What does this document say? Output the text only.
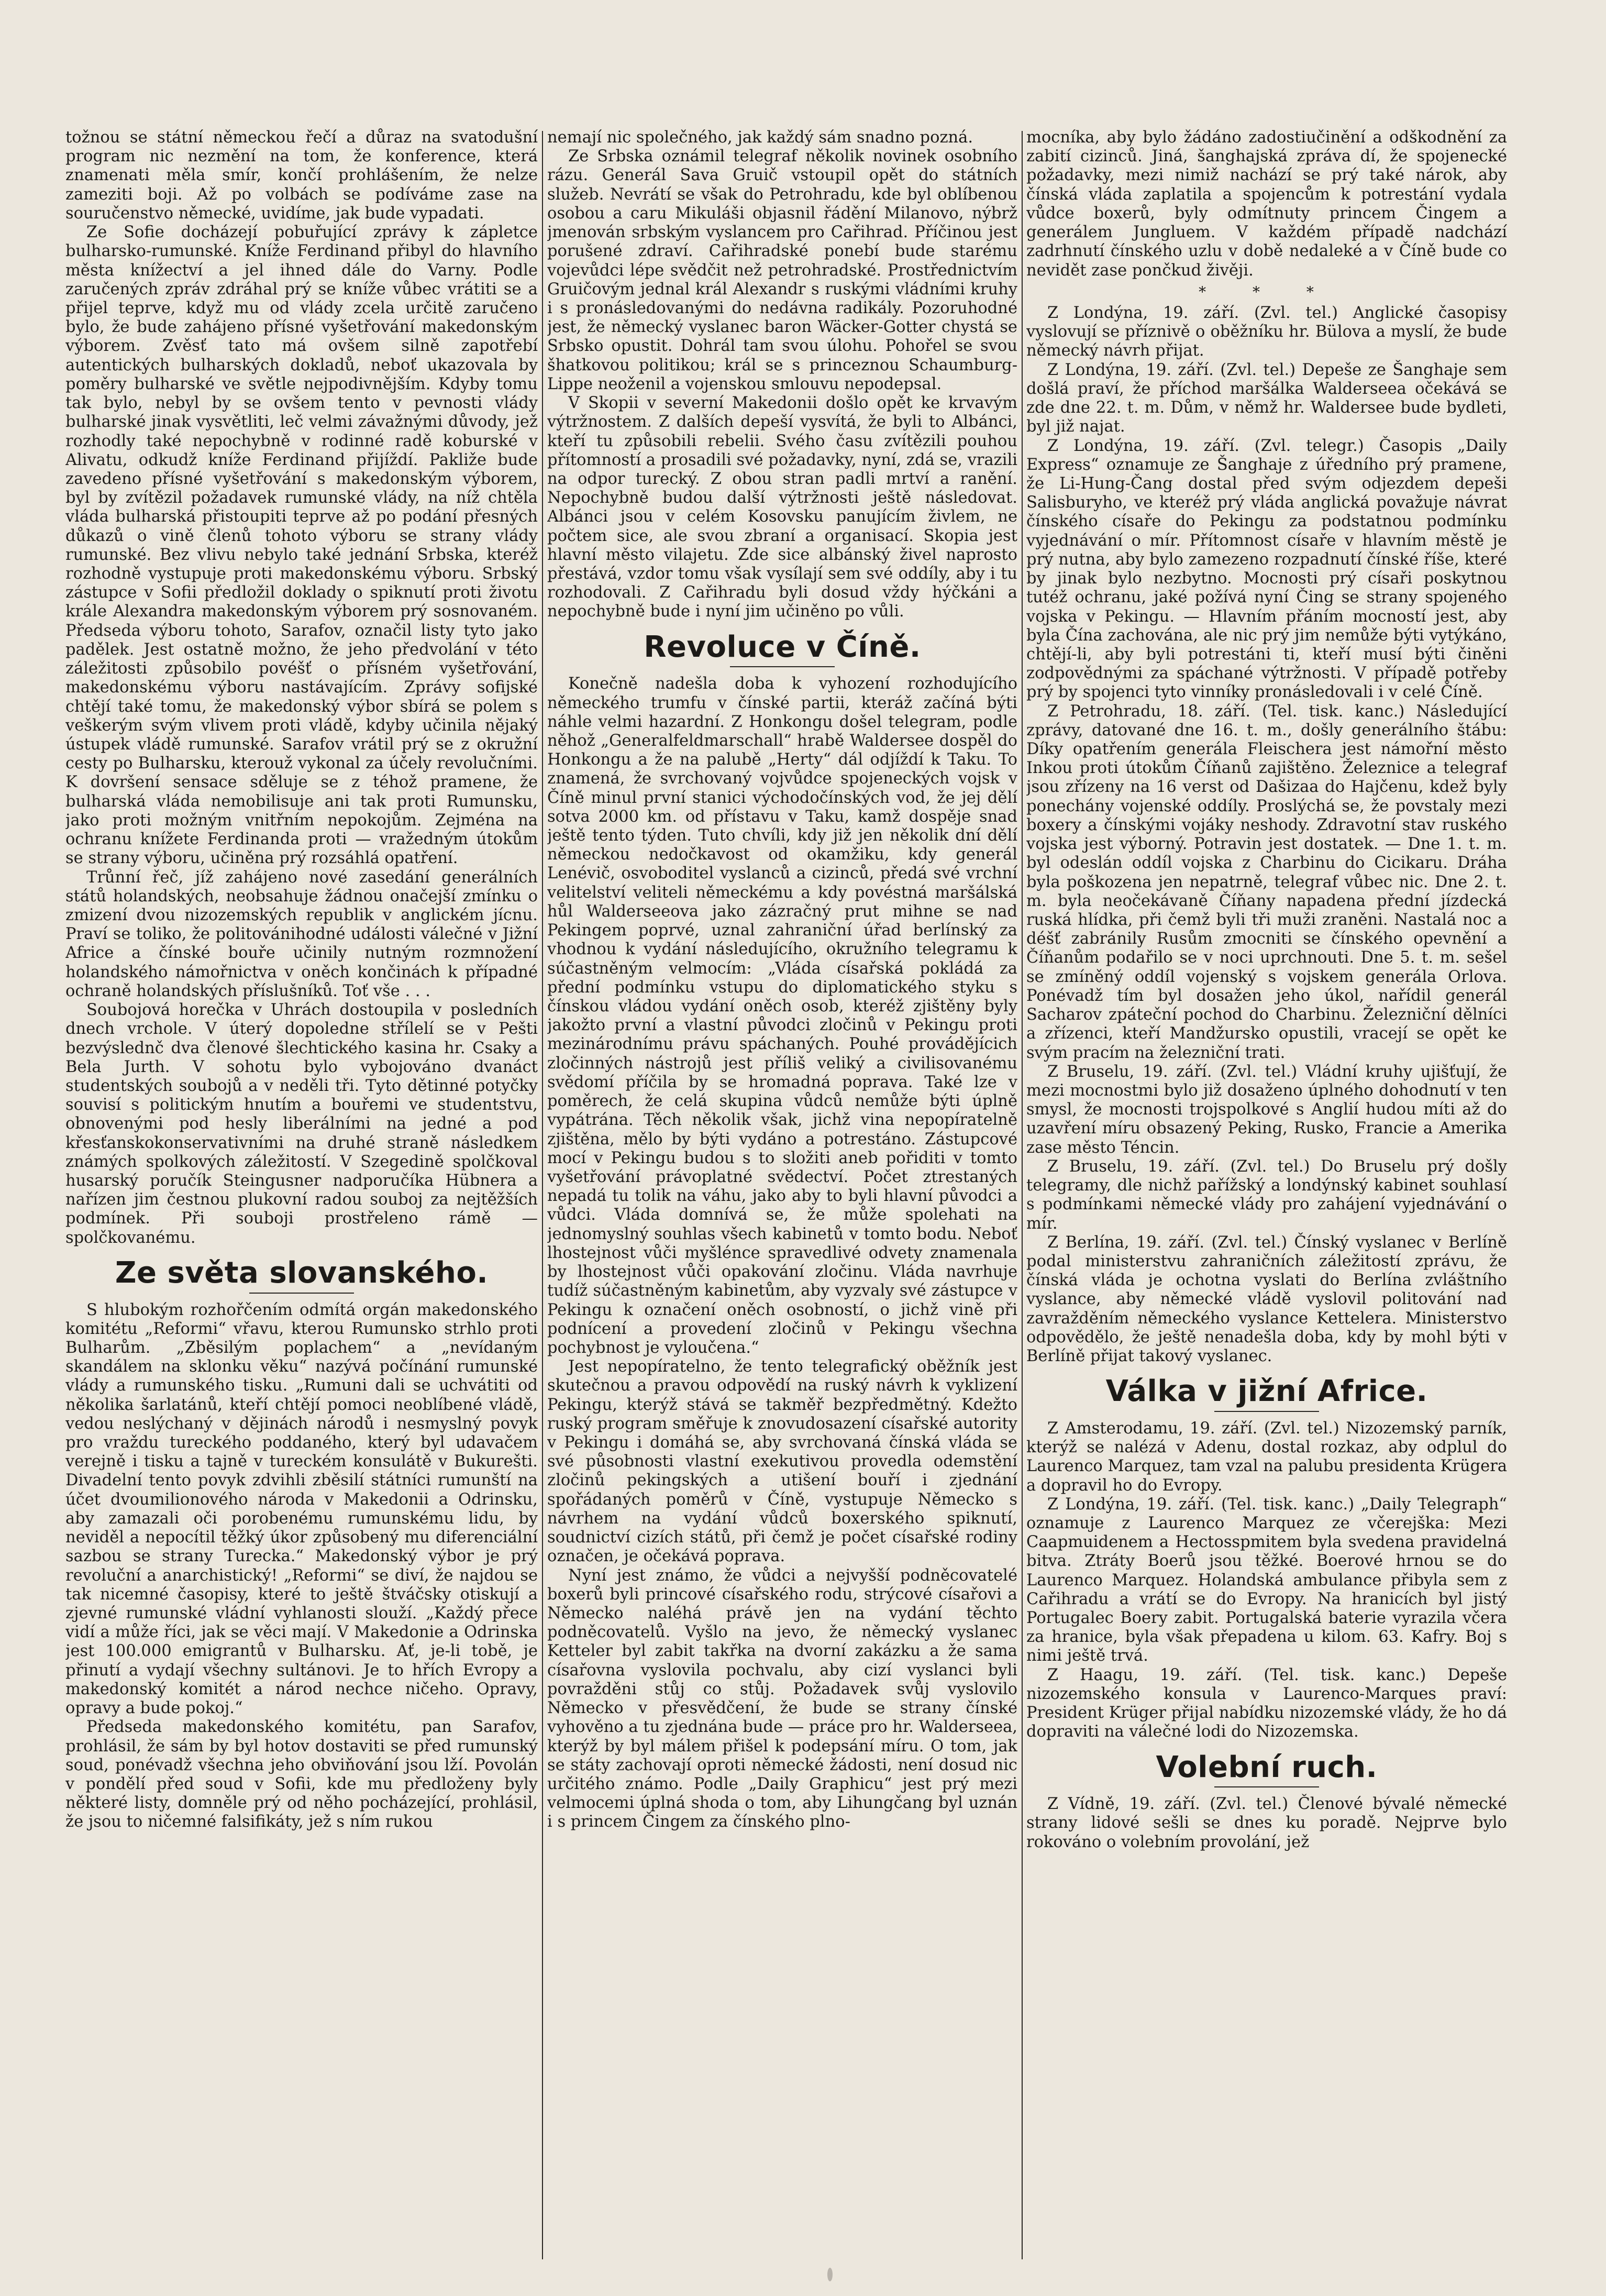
tožnou se státní německou řečí a důraz na svatodušní program nic nezmění na tom, že konference, která znamenati měla smír, končí prohlášením, že nelze zameziti boji. Až po volbách se podíváme zase na souručenstvo německé, uvidíme, jak bude vypadati.

Ze Sofie docházejí pobuřující zprávy k zápletce bulharsko-rumunské. Kníže Ferdinand přibyl do hlavního města knížectví a jel ihned dále do Varny. Podle zaručených zpráv zdráhal prý se kníže vůbec vrátiti se a přijel teprve, když mu od vlády zcela určitě zaručeno bylo, že bude zahájeno přísné vyšetřování makedonským výborem. Zvěsť tato má ovšem silně zapotřebí autentických bulharských dokladů, neboť ukazovala by poměry bulharské ve světle nejpodivnějším. Kdyby tomu tak bylo, nebyl by se ovšem tento v pevnosti vlády bulharské jinak vysvětliti, leč velmi závažnými důvody, jež rozhodly také nepochybně v rodinné radě koburské v Alivatu, odkudž kníže Ferdinand přijíždí. Pakliže bude zavedeno přísné vyšetřování s makedonským výborem, byl by zvítězil požadavek rumunské vlády, na níž chtěla vláda bulharská přistoupiti teprve až po podání přesných důkazů o vině členů tohoto výboru se strany vlády rumunské. Bez vlivu nebylo také jednání Srbska, kteréž rozhodně vystupuje proti makedonskému výboru. Srbský zástupce v Sofii předložil doklady o spiknutí proti životu krále Alexandra makedonským výborem prý sosnovaném. Předseda výboru tohoto, Sarafov, označil listy tyto jako padělek. Jest ostatně možno, že jeho předvolání v této záležitosti způsobilo povéšť o přísném vyšetřování, makedonskému výboru nastávajícím. Zprávy sofijské chtějí také tomu, že makedonský výbor sbírá se polem s veškerým svým vlivem proti vládě, kdyby učinila nějaký ústupek vládě rumunské. Sarafov vrátil prý se z okružní cesty po Bulharsku, kterouž vykonal za účely revolučními. K dovršení sensace sděluje se z téhož pramene, že bulharská vláda nemobilisuje ani tak proti Rumunsku, jako proti možným vnitřním nepokojům. Zejména na ochranu knížete Ferdinanda proti — vražedným útokům se strany výboru, učiněna prý rozsáhlá opatření.

Trůnní řeč, jíž zahájeno nové zasedání generálních států holandských, neobsahuje žádnou onačejší zmínku o zmizení dvou nizozemských republik v anglickém jícnu. Praví se toliko, že politovánihodné události válečné v Jižní Africe a čínské bouře učinily nutným rozmnožení holandského námořnictva v oněch končinách k případné ochraně holandských příslušníků. Toť vše . . .

Soubojová horečka v Uhrách dostoupila v posledních dnech vrchole. V úterý dopoledne střílelí se v Pešti bezvýslednč dva členové šlechtického kasina hr. Csaky a Bela Jurth. V sohotu bylo vybojováno dvanáct studentských soubojů a v neděli tři. Tyto dětinné potyčky souvisí s politickým hnutím a bouřemi ve studentstvu, obnovenými pod hesly liberálními na jedné a pod křesťanskokonservativními na druhé straně následkem známých spolkových záležitostí. V Szegedině spolčkoval husarský poručík Steingusner nadporučíka Hübnera a nařízen jim čestnou plukovní radou souboj za nejtěžších podmínek. Při souboji prostřeleno rámě — spolčkovanému.

Ze světa slovanského.

S hlubokým rozhořčením odmítá orgán makedonského komitétu „Reformi“ vřavu, kterou Rumunsko strhlo proti Bulharům. „Zběsilým poplachem“ a „nevídaným skandálem na sklonku věku“ nazývá počínání rumunské vlády a rumunského tisku. „Rumuni dali se uchvátiti od několika šarlatánů, kteří chtějí pomoci neoblíbené vládě, vedou neslýchaný v dějinách národů i nesmyslný povyk pro vraždu tureckého poddaného, který byl udavačem verejně i tisku a tajně v tureckém konsulátě v Bukurešti. Divadelní tento povyk zdvihli zběsilí státníci rumunští na účet dvoumilionového národa v Makedonii a Odrinsku, aby zamazali oči porobenému rumunskému lidu, by neviděl a nepocítil těžký úkor způsobený mu diferenciální sazbou se strany Turecka.“ Makedonský výbor je prý revoluční a anarchistický! „Reformi“ se diví, že najdou se tak nicemné časopisy, které to ještě štváčsky otiskují a zjevné rumunské vládní vyhlanosti slouží. „Každý přece vidí a může říci, jak se věci mají. V Makedonie a Odrinska jest 100.000 emigrantů v Bulharsku. Ať, je-li tobě, je přinutí a vydají všechny sultánovi. Je to hřích Evropy a makedonský komitét a národ nechce ničeho. Opravy, opravy a bude pokoj.“

Předseda makedonského komitétu, pan Sarafov, prohlásil, že sám by byl hotov dostaviti se před rumunský soud, ponévadž všechna jeho obviňování jsou lží. Povolán v pondělí před soud v Sofii, kde mu předloženy byly některé listy, domněle prý od něho pocházející, prohlásil, že jsou to ničemné falsifikáty, jež s ním rukou

nemají nic společného, jak každý sám snadno pozná.

Ze Srbska oznámil telegraf několik novinek osobního rázu. Generál Sava Gruič vstoupil opět do státních služeb. Nevrátí se však do Petrohradu, kde byl oblíbenou osobou a caru Mikuláši objasnil řádění Milanovo, nýbrž jmenován srbským vyslancem pro Cařihrad. Příčinou jest porušené zdraví. Cařihradské ponebí bude starému vojevůdci lépe svědčit než petrohradské. Prostřednictvím Gruičovým jednal král Alexandr s ruskými vládními kruhy i s pronásledovanými do nedávna radikály. Pozoruhodné jest, že německý vyslanec baron Wäcker-Gotter chystá se Srbsko opustit. Dohrál tam svou úlohu. Pohořel se svou šhatkovou politikou; král se s princeznou Schaumburg-Lippe neoženil a vojenskou smlouvu nepodepsal.

V Skopii v severní Makedonii došlo opět ke krvavým výtržnostem. Z dalších depeší vysvítá, že byli to Albánci, kteří tu způsobili rebelii. Svého času zvítězili pouhou přítomností a prosadili své požadavky, nyní, zdá se, vrazili na odpor turecký. Z obou stran padli mrtví a ranění. Nepochybně budou další výtržnosti ještě následovat. Albánci jsou v celém Kosovsku panujícím živlem, ne počtem sice, ale svou zbraní a organisací. Skopia jest hlavní město vilajetu. Zde sice albánský živel naprosto přestává, vzdor tomu však vysílají sem své oddíly, aby i tu rozhodovali. Z Cařihradu byli dosud vždy hýčkáni a nepochybně bude i nyní jim učiněno po vůli.

Revoluce v Číně.

Konečně nadešla doba k vyhození rozhodujícího německého trumfu v čínské partii, kteráž začíná býti náhle velmi hazardní. Z Honkongu došel telegram, podle něhož „Generalfeldmarschall“ hrabě Waldersee dospěl do Honkongu a že na palubě „Herty“ dál odjíždí k Taku. To znamená, že svrchovaný vojvůdce spojeneckých vojsk v Číně minul první stanici východočínských vod, že jej dělí sotva 2000 km. od přístavu v Taku, kamž dospěje snad ještě tento týden. Tuto chvíli, kdy již jen několik dní dělí německou nedočkavost od okamžiku, kdy generál Lenévič, osvoboditel vyslanců a cizinců, předá své vrchní velitelství veliteli německému a kdy povéstná maršálská hůl Walderseeova jako zázračný prut mihne se nad Pekingem poprvé, uznal zahraniční úřad berlínský za vhodnou k vydání následujícího, okružního telegramu k súčastněným velmocím: „Vláda císařská pokládá za přední podmínku vstupu do diplomatického styku s čínskou vládou vydání oněch osob, kteréž zjištěny byly jakožto první a vlastní původci zločinů v Pekingu proti mezinárodnímu právu spáchaných. Pouhé provádějícich zločinných nástrojů jest příliš veliký a civilisovanému svědomí příčila by se hromadná poprava. Také lze v poměrech, že celá skupina vůdců nemůže býti úplně vypátrána. Těch několik však, jichž vina nepopíratelně zjištěna, mělo by býti vydáno a potrestáno. Zástupcové mocí v Pekingu budou s to složiti aneb pořiditi v tomto vyšetřování právoplatné svědectví. Počet ztrestaných nepadá tu tolik na váhu, jako aby to byli hlavní původci a vůdci. Vláda domnívá se, že může spolehati na jednomyslný souhlas všech kabinetů v tomto bodu. Neboť lhostejnost vůči myšlénce spravedlivé odvety znamenala by lhostejnost vůči opakování zločinu. Vláda navrhuje tudíž súčastněným kabinetům, aby vyzvaly své zástupce v Pekingu k označení oněch osobností, o jichž vině při podnícení a provedení zločinů v Pekingu všechna pochybnost je vyloučena.“

Jest nepopíratelno, že tento telegrafický oběžník jest skutečnou a pravou odpovědí na ruský návrh k vyklizení Pekingu, kterýž stává se takměř bezpředmětný. Kdežto ruský program směřuje k znovudosazení císařské autority v Pekingu i domáhá se, aby svrchovaná čínská vláda se své působnosti vlastní exekutivou provedla odemstění zločinů pekingských a utišení bouří i zjednání spořádaných poměrů v Číně, vystupuje Německo s návrhem na vydání vůdců boxerského spiknutí, soudnictví cizích států, při čemž je počet císařské rodiny označen, je očekává poprava.

Nyní jest známo, že vůdci a nejvyšší podněcovatelé boxerů byli princové císařského rodu, strýcové císařovi a Německo naléhá právě jen na vydání těchto podněcovatelů. Vyšlo na jevo, že německý vyslanec Ketteler byl zabit takřka na dvorní zakázku a že sama císařovna vyslovila pochvalu, aby cizí vyslanci byli povražděni stůj co stůj. Požadavek svůj vyslovilo Německo v přesvědčení, že bude se strany čínské vyhověno a tu zjednána bude — práce pro hr. Walderseea, kterýž by byl málem přišel k podepsání míru. O tom, jak se státy zachovají oproti německé žádosti, není dosud nic určitého známo. Podle „Daily Graphicu“ jest prý mezi velmocemi úplná shoda o tom, aby Lihungčang byl uznán i s princem Čingem za čínského plno-

mocníka, aby bylo žádáno zadostiučinění a odškodnění za zabití cizinců. Jiná, šanghajská zpráva dí, že spojenecké požadavky, mezi nimiž nachází se prý také nárok, aby čínská vláda zaplatila a spojencům k potrestání vydala vůdce boxerů, byly odmítnuty princem Čingem a generálem Jungluem. V každém případě nadchází zadrhnutí čínského uzlu v době nedaleké a v Číně bude co nevidět zase pončkud živěji.

* * *

Z Londýna, 19. září. (Zvl. tel.) Anglické časopisy vyslovují se příznivě o oběžníku hr. Bülova a myslí, že bude německý návrh přijat.

Z Londýna, 19. září. (Zvl. tel.) Depeše ze Šanghaje sem došlá praví, že příchod maršálka Walderseea očekává se zde dne 22. t. m. Dům, v němž hr. Waldersee bude bydleti, byl již najat.

Z Londýna, 19. září. (Zvl. telegr.) Časopis „Daily Express“ oznamuje ze Šanghaje z úředního prý pramene, že Li-Hung-Čang dostal před svým odjezdem depeši Salisburyho, ve kteréž prý vláda anglická považuje návrat čínského císaře do Pekingu za podstatnou podmínku vyjednávání o mír. Přítomnost císaře v hlavním městě je prý nutna, aby bylo zamezeno rozpadnutí čínské říše, které by jinak bylo nezbytno. Mocnosti prý císaři poskytnou tutéž ochranu, jaké požívá nyní Čing se strany spojeného vojska v Pekingu. — Hlavním přáním mocností jest, aby byla Čína zachována, ale nic prý jim nemůže býti vytýkáno, chtějí-li, aby byli potrestáni ti, kteří musí býti činěni zodpovědnými za spáchané výtržnosti. V případě potřeby prý by spojenci tyto vinníky pronásledovali i v celé Číně.

Z Petrohradu, 18. září. (Tel. tisk. kanc.) Následující zprávy, datované dne 16. t. m., došly generálního štábu: Díky opatřením generála Fleischera jest námořní město Inkou proti útokům Číňanů zajištěno. Železnice a telegraf jsou zřízeny na 16 verst od Dašizaa do Hajčenu, kdež byly ponechány vojenské oddíly. Proslýchá se, že povstaly mezi boxery a čínskými vojáky neshody. Zdravotní stav ruského vojska jest výborný. Potravin jest dostatek. — Dne 1. t. m. byl odeslán oddíl vojska z Charbinu do Cicikaru. Dráha byla poškozena jen nepatrně, telegraf vůbec nic. Dne 2. t. m. byla neočekávaně Číňany napadena přední jízdecká ruská hlídka, při čemž byli tři muži zraněni. Nastalá noc a déšť zabránily Rusům zmocniti se čínského opevnění a Číňanům podařilo se v noci uprchnouti. Dne 5. t. m. sešel se zmíněný oddíl vojenský s vojskem generála Orlova. Ponévadž tím byl dosažen jeho úkol, nařídil generál Sacharov zpáteční pochod do Charbinu. Železniční dělníci a zřízenci, kteří Mandžursko opustili, vracejí se opět ke svým pracím na železniční trati.

Z Bruselu, 19. září. (Zvl. tel.) Vládní kruhy ujišťují, že mezi mocnostmi bylo již dosaženo úplného dohodnutí v ten smysl, že mocnosti trojspolkové s Anglií hudou míti až do uzavření míru obsazený Peking, Rusko, Francie a Amerika zase město Téncin.

Z Bruselu, 19. září. (Zvl. tel.) Do Bruselu prý došly telegramy, dle nichž pařížský a londýnský kabinet souhlasí s podmínkami německé vlády pro zahájení vyjednávání o mír.

Z Berlína, 19. září. (Zvl. tel.) Čínský vyslanec v Berlíně podal ministerstvu zahraničních záležitostí zprávu, že čínská vláda je ochotna vyslati do Berlína zvláštního vyslance, aby německé vládě vyslovil politování nad zavražděním německého vyslance Kettelera. Ministerstvo odpovědělo, že ještě nenadešla doba, kdy by mohl býti v Berlíně přijat takový vyslanec.

Válka v jižní Africe.

Z Amsterodamu, 19. září. (Zvl. tel.) Nizozemský parník, kterýž se nalézá v Adenu, dostal rozkaz, aby odplul do Laurenco Marquez, tam vzal na palubu presidenta Krügera a dopravil ho do Evropy.

Z Londýna, 19. září. (Tel. tisk. kanc.) „Daily Telegraph“ oznamuje z Laurenco Marquez ze včerejška: Mezi Caapmuidenem a Hectosspmitem byla svedena pravidelná bitva. Ztráty Boerů jsou těžké. Boerové hrnou se do Laurenco Marquez. Holandská ambulance přibyla sem z Cařihradu a vrátí se do Evropy. Na hranicích byl jistý Portugalec Boery zabit. Portugalská baterie vyrazila včera za hranice, byla však přepadena u kilom. 63. Kafry. Boj s nimi ještě trvá.

Z Haagu, 19. září. (Tel. tisk. kanc.) Depeše nizozemského konsula v Laurenco-Marques praví: President Krüger přijal nabídku nizozemské vlády, že ho dá dopraviti na válečné lodi do Nizozemska.

Volební ruch.

Z Vídně, 19. září. (Zvl. tel.) Členové bývalé německé strany lidové sešli se dnes ku poradě. Nejprve bylo rokováno o volebním provolání, jež
